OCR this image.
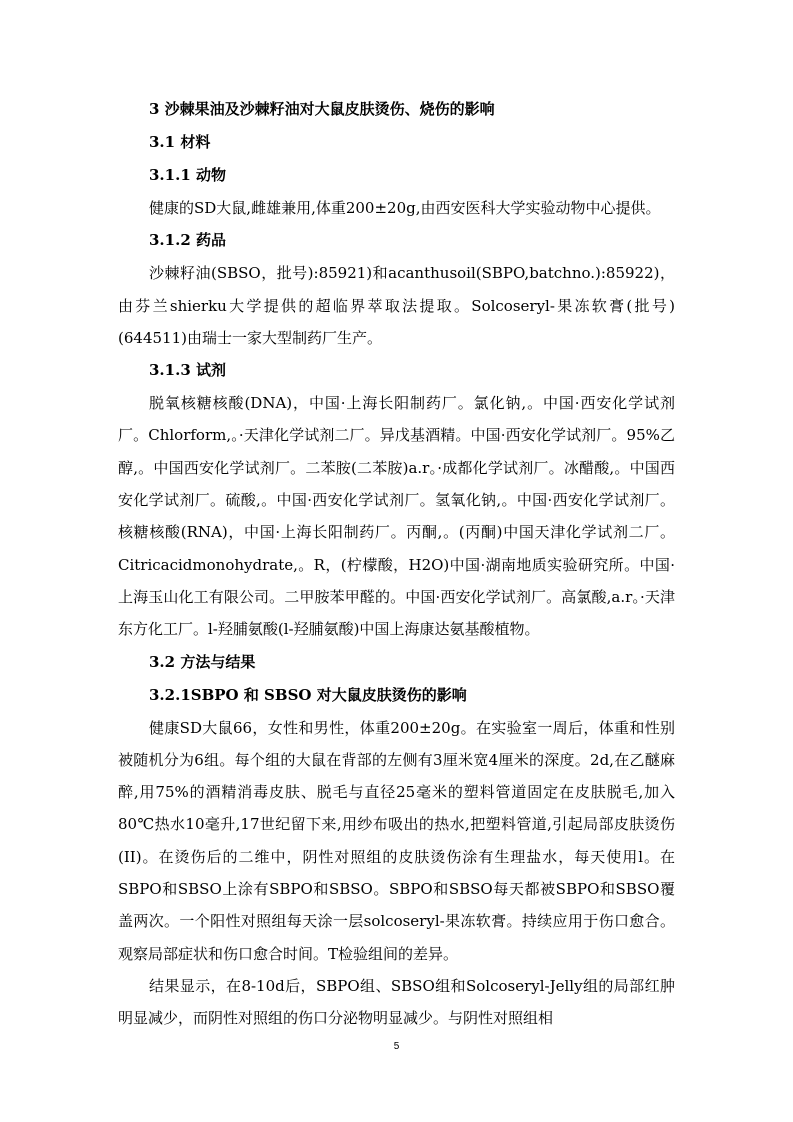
3 沙棘果油及沙棘籽油对大鼠皮肤烫伤、烧伤的影响
3.1 材料
3.1.1 动物

健康的SD大鼠,雌雄兼用,体重200±20g,由西安医科大学实验动物中心提供。

3.1.2 药品

沙棘籽油(SBSO，批号):85921)和acanthusoil(SBPO,batchno.):85922)，由芬兰shierku大学提供的超临界萃取法提取。Solcoseryl-果冻软膏(批号)(644511)由瑞士一家大型制药厂生产。

3.1.3 试剂

脱氧核糖核酸(DNA)，中国·上海长阳制药厂。氯化钠,。中国·西安化学试剂厂。Chlorform,。·天津化学试剂二厂。异戊基酒精。中国·西安化学试剂厂。95%乙醇,。中国西安化学试剂厂。二苯胺(二苯胺)a.r。·成都化学试剂厂。冰醋酸,。中国西安化学试剂厂。硫酸,。中国·西安化学试剂厂。氢氧化钠,。中国·西安化学试剂厂。核糖核酸(RNA)，中国·上海长阳制药厂。丙酮,。(丙酮)中国天津化学试剂二厂。Citricacidmonohydrate,。R，(柠檬酸，H2O)中国·湖南地质实验研究所。中国·上海玉山化工有限公司。二甲胺苯甲醛的。中国·西安化学试剂厂。高氯酸,a.r。·天津东方化工厂。l-羟脯氨酸(l-羟脯氨酸)中国上海康达氨基酸植物。

3.2 方法与结果
3.2.1SBPO 和 SBSO 对大鼠皮肤烫伤的影响

健康SD大鼠66，女性和男性，体重200±20g。在实验室一周后，体重和性别被随机分为6组。每个组的大鼠在背部的左侧有3厘米宽4厘米的深度。2d,在乙醚麻醉,用75%的酒精消毒皮肤、脱毛与直径25毫米的塑料管道固定在皮肤脱毛,加入80℃热水10毫升,17世纪留下来,用纱布吸出的热水,把塑料管道,引起局部皮肤烫伤(II)。在烫伤后的二维中，阴性对照组的皮肤烫伤涂有生理盐水，每天使用l。在SBPO和SBSO上涂有SBPO和SBSO。SBPO和SBSO每天都被SBPO和SBSO覆盖两次。一个阳性对照组每天涂一层solcoseryl-果冻软膏。持续应用于伤口愈合。观察局部症状和伤口愈合时间。T检验组间的差异。

结果显示，在8-10d后，SBPO组、SBSO组和Solcoseryl-Jelly组的局部红肿明显减少，而阴性对照组的伤口分泌物明显减少。与阴性对照组相

5
